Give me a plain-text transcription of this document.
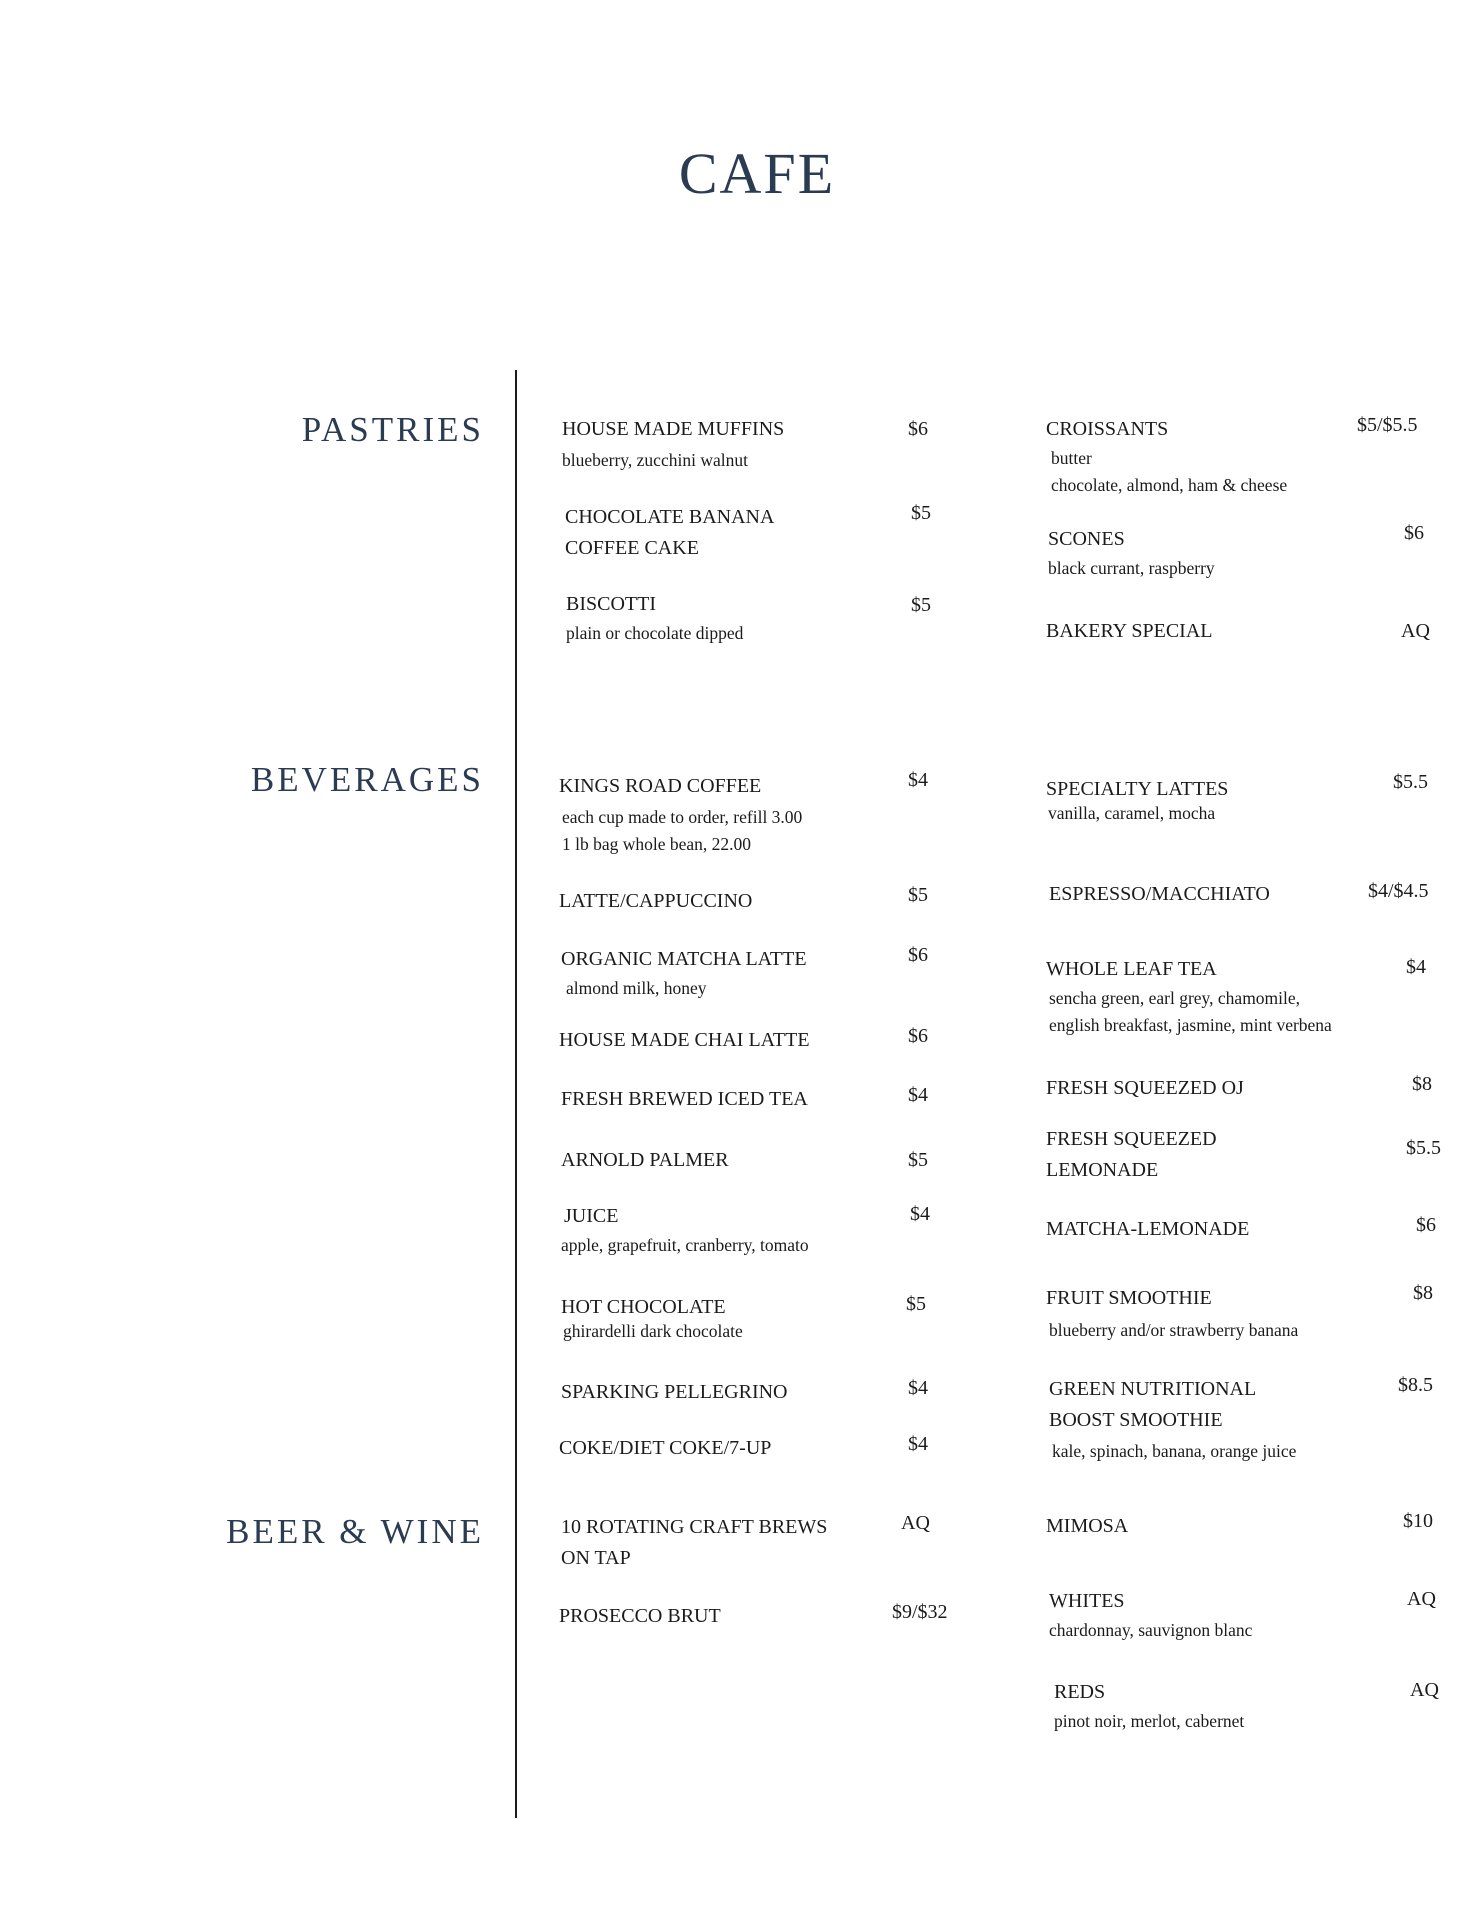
CAFE
PASTRIES
BEVERAGES
BEER & WINE
HOUSE MADE MUFFINS
blueberry, zucchini walnut
$6
CHOCOLATE BANANA
COFFEE CAKE
$5
BISCOTTI
plain or chocolate dipped
$5
CROISSANTS
butter
chocolate, almond, ham & cheese
$5/$5.5
SCONES
black currant, raspberry
$6
BAKERY SPECIAL	AQ
KINGS ROAD COFFEE
each cup made to order, refill 3.00
1 lb bag whole bean, 22.00
$4
LATTE/CAPPUCCINO	$5
ORGANIC MATCHA LATTE
almond milk, honey
$6
HOUSE MADE CHAI LATTE	$6
FRESH BREWED ICED TEA	$4
ARNOLD PALMER	$5
JUICE
apple, grapefruit, cranberry, tomato
$4
HOT CHOCOLATE
ghirardelli dark chocolate
$5
SPARKING PELLEGRINO	$4
COKE/DIET COKE/7-UP	$4
SPECIALTY LATTES
vanilla, caramel, mocha
$5.5
ESPRESSO/MACCHIATO	$4/$4.5
WHOLE LEAF TEA
sencha green, earl grey, chamomile,
english breakfast, jasmine, mint verbena
$4
FRESH SQUEEZED OJ	$8
FRESH SQUEEZED
LEMONADE
$5.5
MATCHA-LEMONADE	$6
FRUIT SMOOTHIE
blueberry and/or strawberry banana
$8
GREEN NUTRITIONAL
BOOST SMOOTHIE
kale, spinach, banana, orange juice
$8.5
10 ROTATING CRAFT BREWS
ON TAP
AQ
PROSECCO BRUT	$9/$32
MIMOSA	$10
WHITES
chardonnay, sauvignon blanc
AQ
REDS
pinot noir, merlot, cabernet
AQ
